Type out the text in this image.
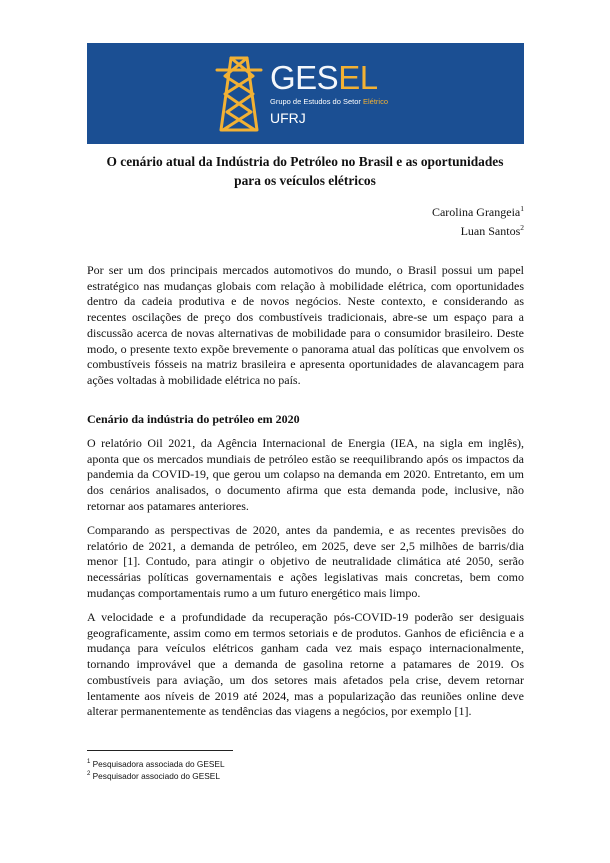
GESEL
Grupo de Estudos do Setor Elétrico
UFRJ
O cenário atual da Indústria do Petróleo no Brasil e as oportunidades
para os veículos elétricos
Carolina Grangeia$^1$
Luan Santos$^2$

Por ser um dos principais mercados automotivos do mundo, o Brasil possui um papel estratégico nas mudanças globais com relação à mobilidade elétrica, com oportunidades dentro da cadeia produtiva e de novos negócios. Neste contexto, e considerando as recentes oscilações de preço dos combustíveis tradicionais, abre-se um espaço para a discussão acerca de novas alternativas de mobilidade para o consumidor brasileiro. Deste modo, o presente texto expõe brevemente o panorama atual das políticas que envolvem os combustíveis fósseis na matriz brasileira e apresenta oportunidades de alavancagem para ações voltadas à mobilidade elétrica no país.

Cenário da indústria do petróleo em 2020

O relatório Oil 2021, da Agência Internacional de Energia (IEA, na sigla em inglês), aponta que os mercados mundiais de petróleo estão se reequilibrando após os impactos da pandemia da COVID-19, que gerou um colapso na demanda em 2020. Entretanto, em um dos cenários analisados, o documento afirma que esta demanda pode, inclusive, não retornar aos patamares anteriores.

Comparando as perspectivas de 2020, antes da pandemia, e as recentes previsões do relatório de 2021, a demanda de petróleo, em 2025, deve ser 2,5 milhões de barris/dia menor [1]. Contudo, para atingir o objetivo de neutralidade climática até 2050, serão necessárias políticas governamentais e ações legislativas mais concretas, bem como mudanças comportamentais rumo a um futuro energético mais limpo.

A velocidade e a profundidade da recuperação pós-COVID-19 poderão ser desiguais geograficamente, assim como em termos setoriais e de produtos. Ganhos de eficiência e a mudança para veículos elétricos ganham cada vez mais espaço internacionalmente, tornando improvável que a demanda de gasolina retorne a patamares de 2019. Os combustíveis para aviação, um dos setores mais afetados pela crise, devem retornar lentamente aos níveis de 2019 até 2024, mas a popularização das reuniões online deve alterar permanentemente as tendências das viagens a negócios, por exemplo [1].

$^1$ Pesquisadora associada do GESEL
$^2$ Pesquisador associado do GESEL
